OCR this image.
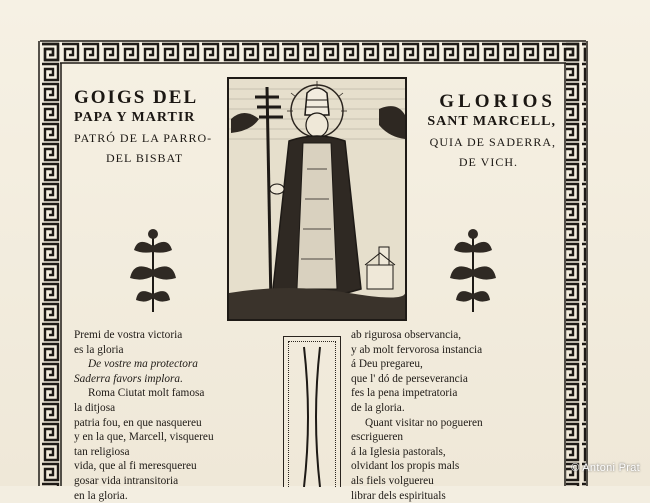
GOIGS DEL
PAPA Y MARTIR
PATRÓ DE LA PARRO-
DEL BISBAT
GLORIOS
SANT MARCELL,
QUIA DE SADERRA,
DE VICH.
Premi de vostra victoria
es la gloria
De vostre ma protectora
Saderra favors implora.
Roma Ciutat molt famosa
la ditjosa
patria fou, en que nasquereu
y en la que, Marcell, visquereu
tan religiosa
vida, que al fi meresquereu
gosar vida intransitoria
en la gloria.
ab rigurosa observancia,
y ab molt fervorosa instancia
á Deu pregareu,
que l' dó de perseverancia
fes la pena impetratoria
de la gloria.
Quant visitar no pogueren
escrigueren
á la Iglesia pastorals,
olvidant los propis mals
als fiels volguereu
librar dels espirituals
© Antoni Prat
